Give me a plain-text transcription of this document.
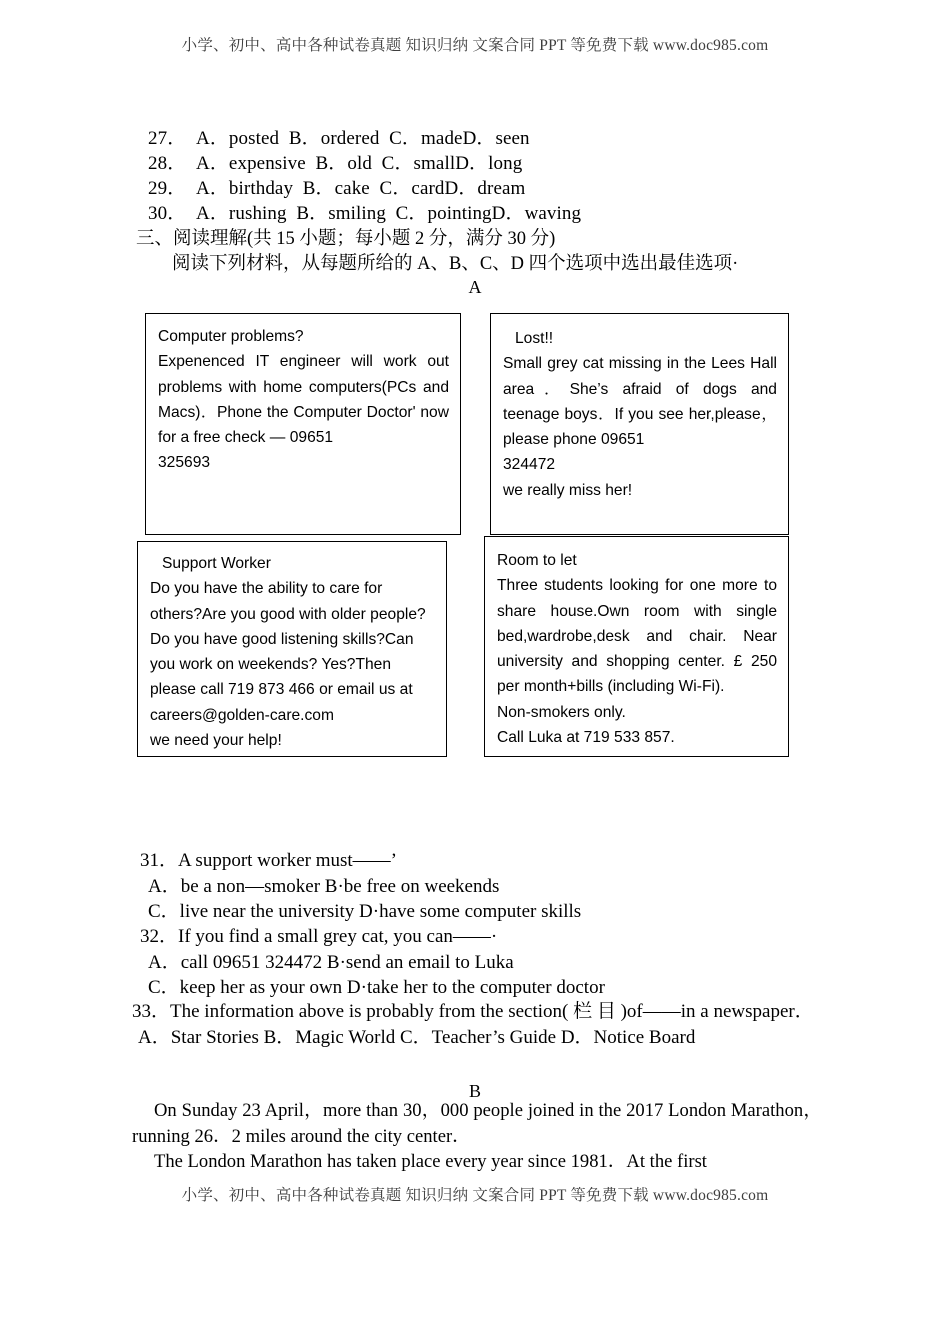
小学、初中、高中各种试卷真题 知识归纳 文案合同 PPT 等免费下载 www.doc985.com
27． A．posted B．ordered C．madeD．seen
28． A．expensive B．old C．smallD．long
29． A．birthday B．cake C．cardD．dream
30． A．rushing B．smiling C．pointingD．waving
三、阅读理解(共 15 小题；每小题 2 分，满分 30 分)
阅读下列材料，从每题所给的 A、B、C、D 四个选项中选出最佳选项·
A

Computer problems?

Expenenced IT engineer will work out problems with home computers(PCs and Macs)．Phone the Computer Doctor' now for a free check — 09651

325693

Lost!!

Small grey cat missing in the Lees Hall area．She’s afraid of dogs and teenage boys．If you see her,please，please phone 09651

324472

we really miss her!

Support Worker

Do you have the ability to care for others?Are you good with older people? Do you have good listening skills?Can you work on weekends? Yes?Then please call 719 873 466 or email us at careers@golden-care.com

we need your help!

Room to let

Three students looking for one more to share house.Own room with single bed,wardrobe,desk and chair. Near university and shopping center. £ 250 per month+bills (including Wi-Fi).

Non-smokers only.

Call Luka at 719 533 857.

31．A support worker must——’
A．be a non—smoker B·be free on weekends
C．live near the university D·have some computer skills
32．If you find a small grey cat, you can——·
A．call 09651 324472 B·send an email to Luka
C．keep her as your own D·take her to the computer doctor
33．The information above is probably from the section( 栏 目 )of——in a newspaper．
A．Star Stories B．Magic World C．Teacher’s Guide D．Notice Board
B

On Sunday 23 April，more than 30，000 people joined in the 2017 London Marathon，running 26．2 miles around the city center．

The London Marathon has taken place every year since 1981．At the first

小学、初中、高中各种试卷真题 知识归纳 文案合同 PPT 等免费下载 www.doc985.com
